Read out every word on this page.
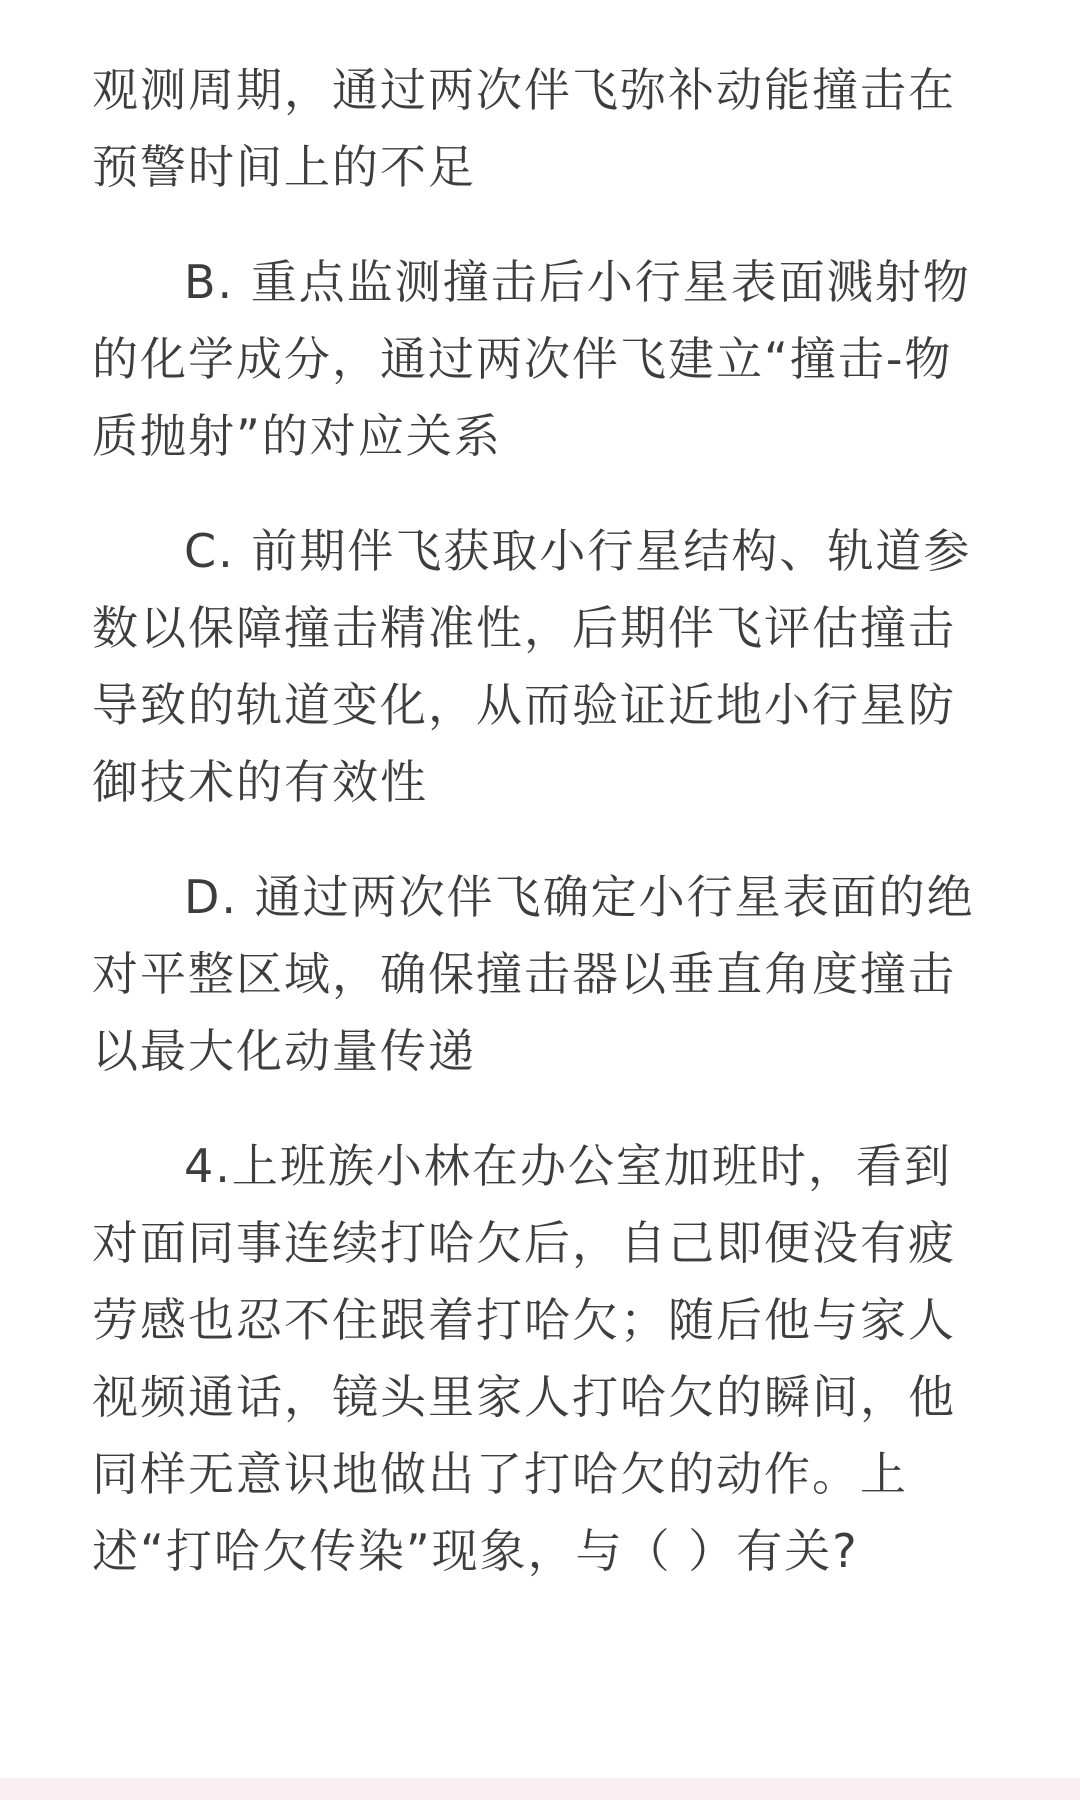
观测周期，通过两次伴飞弥补动能撞击在预警时间上的不足

B. 重点监测撞击后小行星表面溅射物的化学成分，通过两次伴飞建立“撞击-物质抛射”的对应关系

C. 前期伴飞获取小行星结构、轨道参数以保障撞击精准性，后期伴飞评估撞击导致的轨道变化，从而验证近地小行星防御技术的有效性

D. 通过两次伴飞确定小行星表面的绝对平整区域，确保撞击器以垂直角度撞击以最大化动量传递

4.上班族小林在办公室加班时，看到对面同事连续打哈欠后，自己即便没有疲劳感也忍不住跟着打哈欠；随后他与家人视频通话，镜头里家人打哈欠的瞬间，他同样无意识地做出了打哈欠的动作。上述“打哈欠传染”现象，与（ ）有关?
